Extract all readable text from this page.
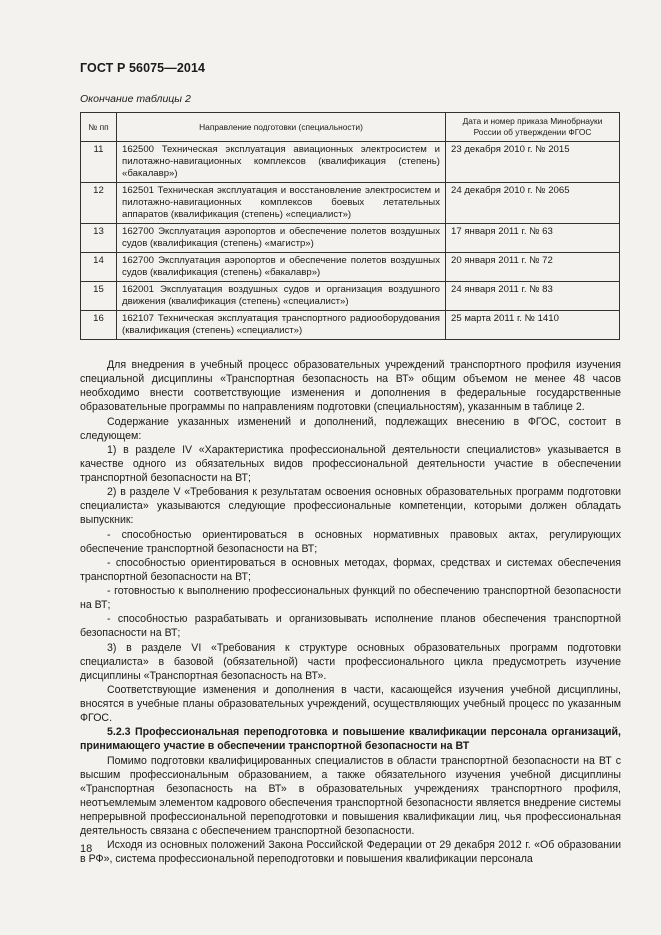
ГОСТ Р 56075—2014
Окончание таблицы 2
№ пп	Направление подготовки (специальности)	Дата и номер приказа Минобрнауки России об утверждении ФГОС
11	162500 Техническая эксплуатация авиационных электросистем и пилотажно-навигационных комплексов (квалификация (степень) «бакалавр»)	23 декабря 2010 г. № 2015
12	162501 Техническая эксплуатация и восстановление электросистем и пилотажно-навигационных комплексов боевых летательных аппаратов (квалификация (степень) «специалист»)	24 декабря 2010 г. № 2065
13	162700 Эксплуатация аэропортов и обеспечение полетов воздушных судов (квалификация (степень) «магистр»)	17 января 2011 г. № 63
14	162700 Эксплуатация аэропортов и обеспечение полетов воздушных судов (квалификация (степень) «бакалавр»)	20 января 2011 г. № 72
15	162001 Эксплуатация воздушных судов и организация воздушного движения (квалификация (степень) «специалист»)	24 января 2011 г. № 83
16	162107 Техническая эксплуатация транспортного радиооборудования (квалификация (степень) «специалист»)	25 марта 2011 г. № 1410

Для внедрения в учебный процесс образовательных учреждений транспортного профиля изучения специальной дисциплины «Транспортная безопасность на ВТ» общим объемом не менее 48 часов необходимо внести соответствующие изменения и дополнения в федеральные государственные образовательные программы по направлениям подготовки (специальностям), указанным в таблице 2.

Содержание указанных изменений и дополнений, подлежащих внесению в ФГОС, состоит в следующем:

1) в разделе IV «Характеристика профессиональной деятельности специалистов» указывается в качестве одного из обязательных видов профессиональной деятельности участие в обеспечении транспортной безопасности на ВТ;

2) в разделе V «Требования к результатам освоения основных образовательных программ подготовки специалиста» указываются следующие профессиональные компетенции, которыми должен обладать выпускник:

- способностью ориентироваться в основных нормативных правовых актах, регулирующих обеспечение транспортной безопасности на ВТ;

- способностью ориентироваться в основных методах, формах, средствах и системах обеспечения транспортной безопасности на ВТ;

- готовностью к выполнению профессиональных функций по обеспечению транспортной безопасности на ВТ;

- способностью разрабатывать и организовывать исполнение планов обеспечения транспортной безопасности на ВТ;

3) в разделе VI «Требования к структуре основных образовательных программ подготовки специалиста» в базовой (обязательной) части профессионального цикла предусмотреть изучение дисциплины «Транспортная безопасность на ВТ».

Соответствующие изменения и дополнения в части, касающейся изучения учебной дисциплины, вносятся в учебные планы образовательных учреждений, осуществляющих учебный процесс по указанным ФГОС.

5.2.3 Профессиональная переподготовка и повышение квалификации персонала организаций, принимающего участие в обеспечении транспортной безопасности на ВТ

Помимо подготовки квалифицированных специалистов в области транспортной безопасности на ВТ с высшим профессиональным образованием, а также обязательного изучения учебной дисциплины «Транспортная безопасность на ВТ» в образовательных учреждениях транспортного профиля, неотъемлемым элементом кадрового обеспечения транспортной безопасности является внедрение системы непрерывной профессиональной переподготовки и повышения квалификации лиц, чья профессиональная деятельность связана с обеспечением транспортной безопасности.

Исходя из основных положений Закона Российской Федерации от 29 декабря 2012 г. «Об образовании в РФ», система профессиональной переподготовки и повышения квалификации персонала

18
